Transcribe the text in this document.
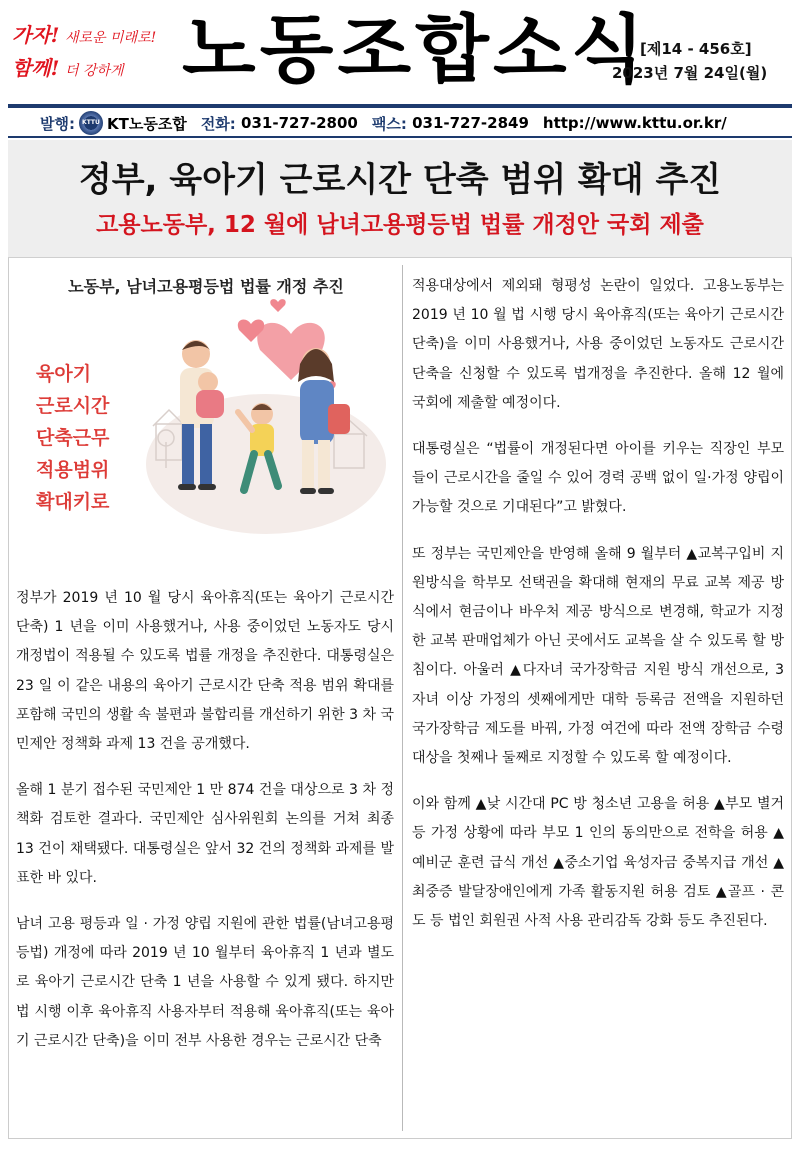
가자! 새로운 미래로!
함께! 더 강하게 노동조합소식
[제14 - 456호]
2023년 7월 24일(월)
발행:	KTTU KT노동조합 전화:
031-727-2800 팩스:
031-727-2849 http://www.kttu.or.kr/
정부, 육아기 근로시간 단축 범위 확대 추진
고용노동부, 12 월에 남녀고용평등법 법률 개정안 국회 제출
노동부, 남녀고용평등법 법률 개정 추진
육아기
근로시간
단축근무
적용범위
확대키로

정부가 2019 년 10 월 당시 육아휴직(또는 육아기 근로시간 단축) 1 년을 이미 사용했거나, 사용 중이었던 노동자도 당시 개정법이 적용될 수 있도록 법률 개정을 추진한다. 대통령실은 23 일 이 같은 내용의 육아기 근로시간 단축 적용 범위 확대를 포함해 국민의 생활 속 불편과 불합리를 개선하기 위한 3 차 국민제안 정책화 과제 13 건을 공개했다.

올해 1 분기 접수된 국민제안 1 만 874 건을 대상으로 3 차 정책화 검토한 결과다. 국민제안 심사위원회 논의를 거쳐 최종 13 건이 채택됐다. 대통령실은 앞서 32 건의 정책화 과제를 발표한 바 있다.

남녀 고용 평등과 일 · 가정 양립 지원에 관한 법률(남녀고용평등법) 개정에 따라 2019 년 10 월부터 육아휴직 1 년과 별도로 육아기 근로시간 단축 1 년을 사용할 수 있게 됐다. 하지만 법 시행 이후 육아휴직 사용자부터 적용해 육아휴직(또는 육아기 근로시간 단축)을 이미 전부 사용한 경우는 근로시간 단축

적용대상에서 제외돼 형평성 논란이 일었다. 고용노동부는 2019 년 10 월 법 시행 당시 육아휴직(또는 육아기 근로시간 단축)을 이미 사용했거나, 사용 중이었던 노동자도 근로시간 단축을 신청할 수 있도록 법개정을 추진한다. 올해 12 월에 국회에 제출할 예정이다.

대통령실은 “법률이 개정된다면 아이를 키우는 직장인 부모들이 근로시간을 줄일 수 있어 경력 공백 없이 일·가정 양립이 가능할 것으로 기대된다”고 밝혔다.

또 정부는 국민제안을 반영해 올해 9 월부터 ▲교복구입비 지원방식을 학부모 선택권을 확대해 현재의 무료 교복 제공 방식에서 현금이나 바우처 제공 방식으로 변경해, 학교가 지정한 교복 판매업체가 아닌 곳에서도 교복을 살 수 있도록 할 방침이다. 아울러 ▲다자녀 국가장학금 지원 방식 개선으로, 3 자녀 이상 가정의 셋째에게만 대학 등록금 전액을 지원하던 국가장학금 제도를 바꿔, 가정 여건에 따라 전액 장학금 수령 대상을 첫째나 둘째로 지정할 수 있도록 할 예정이다.

이와 함께 ▲낮 시간대 PC 방 청소년 고용을 허용 ▲부모 별거 등 가정 상황에 따라 부모 1 인의 동의만으로 전학을 허용 ▲예비군 훈련 급식 개선 ▲중소기업 육성자금 중복지급 개선 ▲최중증 발달장애인에게 가족 활동지원 허용 검토 ▲골프 · 콘도 등 법인 회원권 사적 사용 관리감독 강화 등도 추진된다.
